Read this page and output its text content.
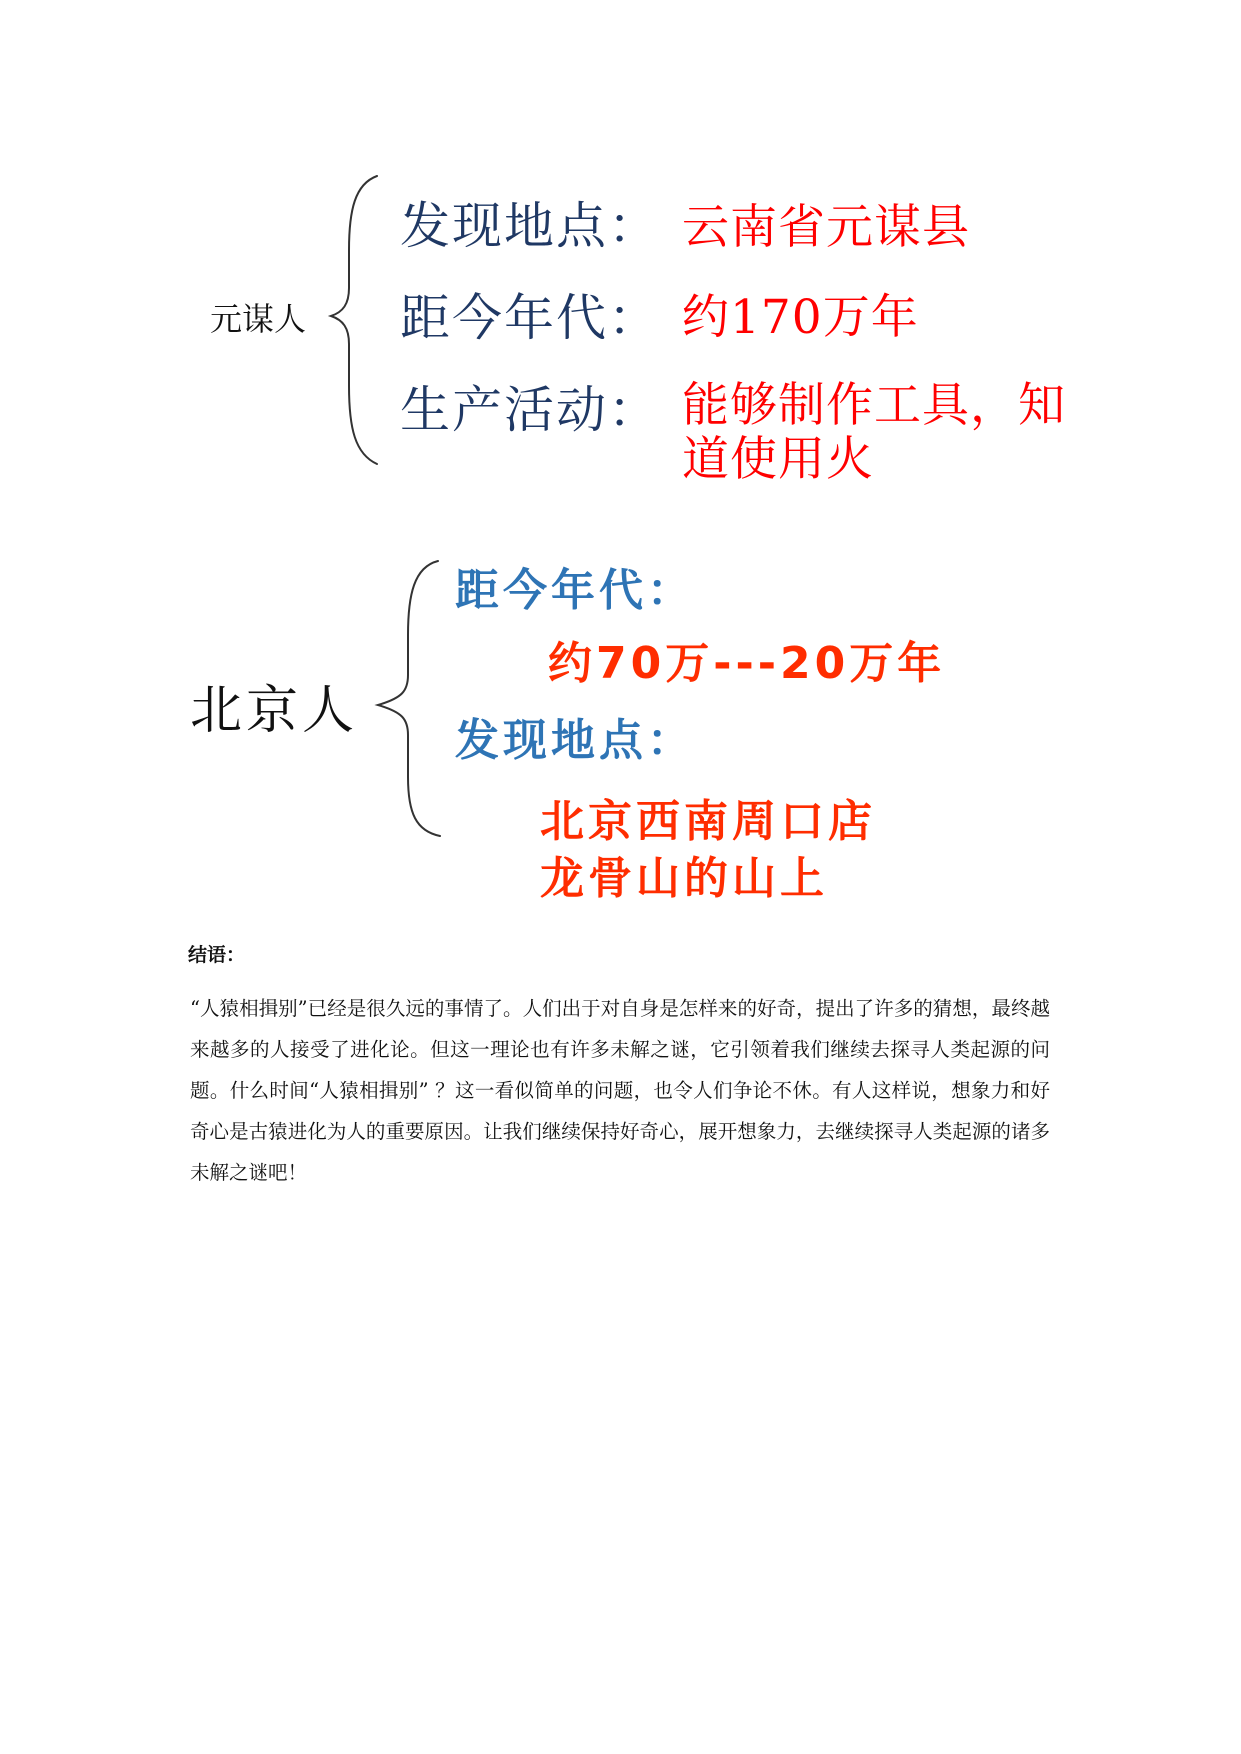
元谋人
发现地点： 云南省元谋县
距今年代： 约170万年
生产活动： 能够制作工具，知
道使用火
北京人
距今年代：
约70万---20万年
发现地点：
北京西南周口店
龙骨山的山上
结语：
“人猿相揖别”已经是很久远的事情了。人们出于对自身是怎样来的好奇，提出了许多的猜想，最终越来越多的人接受了进化论。但这一理论也有许多未解之谜，它引领着我们继续去探寻人类起源的问题。什么时间“人猿相揖别” ？这一看似简单的问题，也令人们争论不休。有人这样说，想象力和好奇心是古猿进化为人的重要原因。让我们继续保持好奇心，展开想象力，去继续探寻人类起源的诸多未解之谜吧！
